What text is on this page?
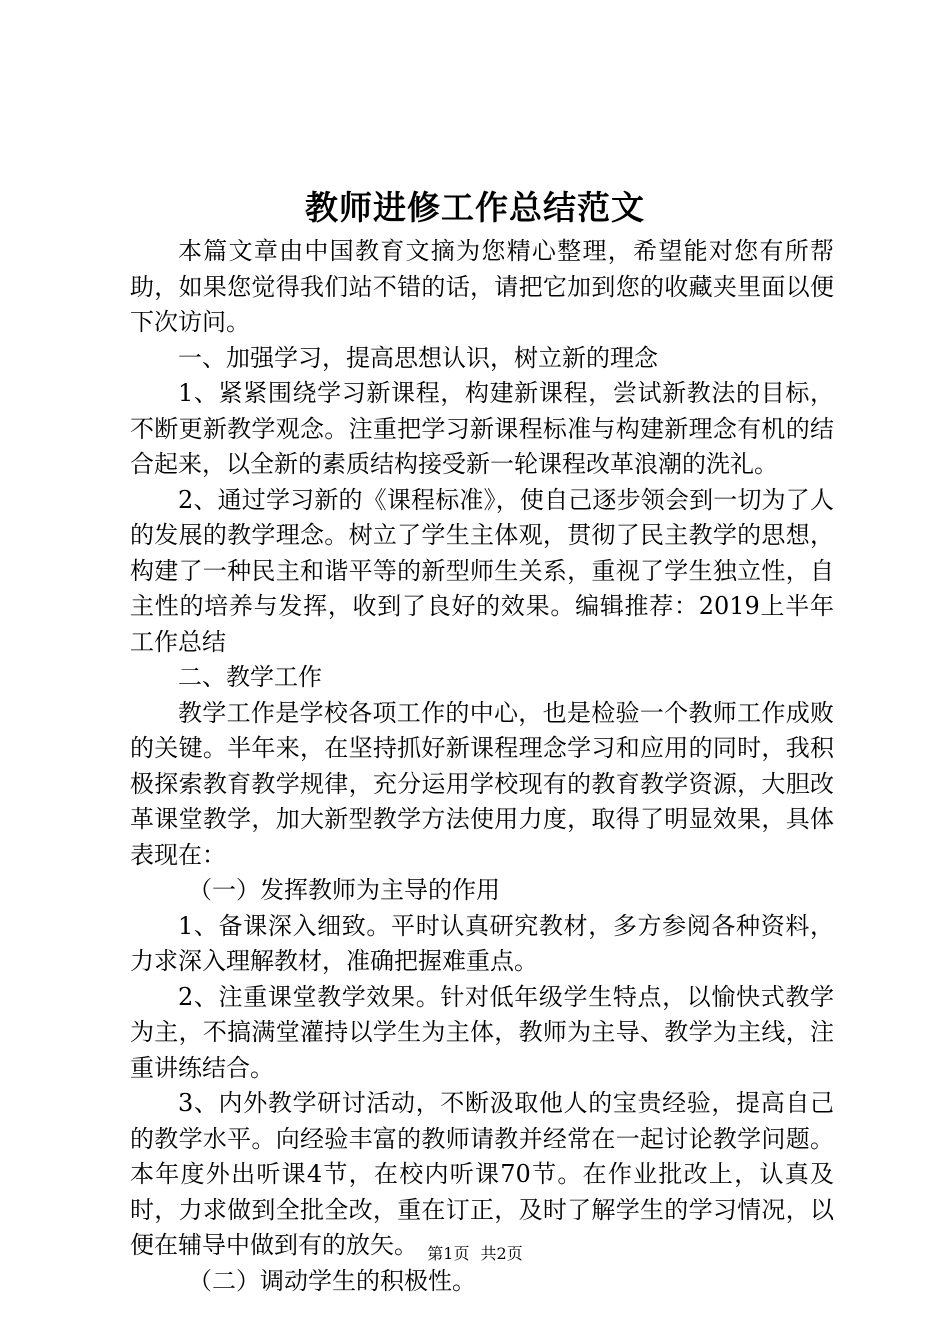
教师进修工作总结范文

本篇文章由中国教育文摘为您精心整理，希望能对您有所帮助，如果您觉得我们站不错的话，请把它加到您的收藏夹里面以便下次访问。

一、加强学习，提高思想认识，树立新的理念

1、紧紧围绕学习新课程，构建新课程，尝试新教法的目标，不断更新教学观念。注重把学习新课程标准与构建新理念有机的结合起来，以全新的素质结构接受新一轮课程改革浪潮的洗礼。

2、通过学习新的《课程标准》，使自己逐步领会到一切为了人的发展的教学理念。树立了学生主体观，贯彻了民主教学的思想，构建了一种民主和谐平等的新型师生关系，重视了学生独立性，自主性的培养与发挥，收到了良好的效果。编辑推荐：2019上半年工作总结

二、教学工作

教学工作是学校各项工作的中心，也是检验一个教师工作成败的关键。半年来，在坚持抓好新课程理念学习和应用的同时，我积极探索教育教学规律，充分运用学校现有的教育教学资源，大胆改革课堂教学，加大新型教学方法使用力度，取得了明显效果，具体表现在：

（一）发挥教师为主导的作用

1、备课深入细致。平时认真研究教材，多方参阅各种资料，力求深入理解教材，准确把握难重点。

2、注重课堂教学效果。针对低年级学生特点，以愉快式教学为主，不搞满堂灌持以学生为主体，教师为主导、教学为主线，注重讲练结合。

3、内外教学研讨活动，不断汲取他人的宝贵经验，提高自己的教学水平。向经验丰富的教师请教并经常在一起讨论教学问题。本年度外出听课4节，在校内听课70节。在作业批改上，认真及时，力求做到全批全改，重在订正，及时了解学生的学习情况，以便在辅导中做到有的放矢。

（二）调动学生的积极性。

第1页 共2页
